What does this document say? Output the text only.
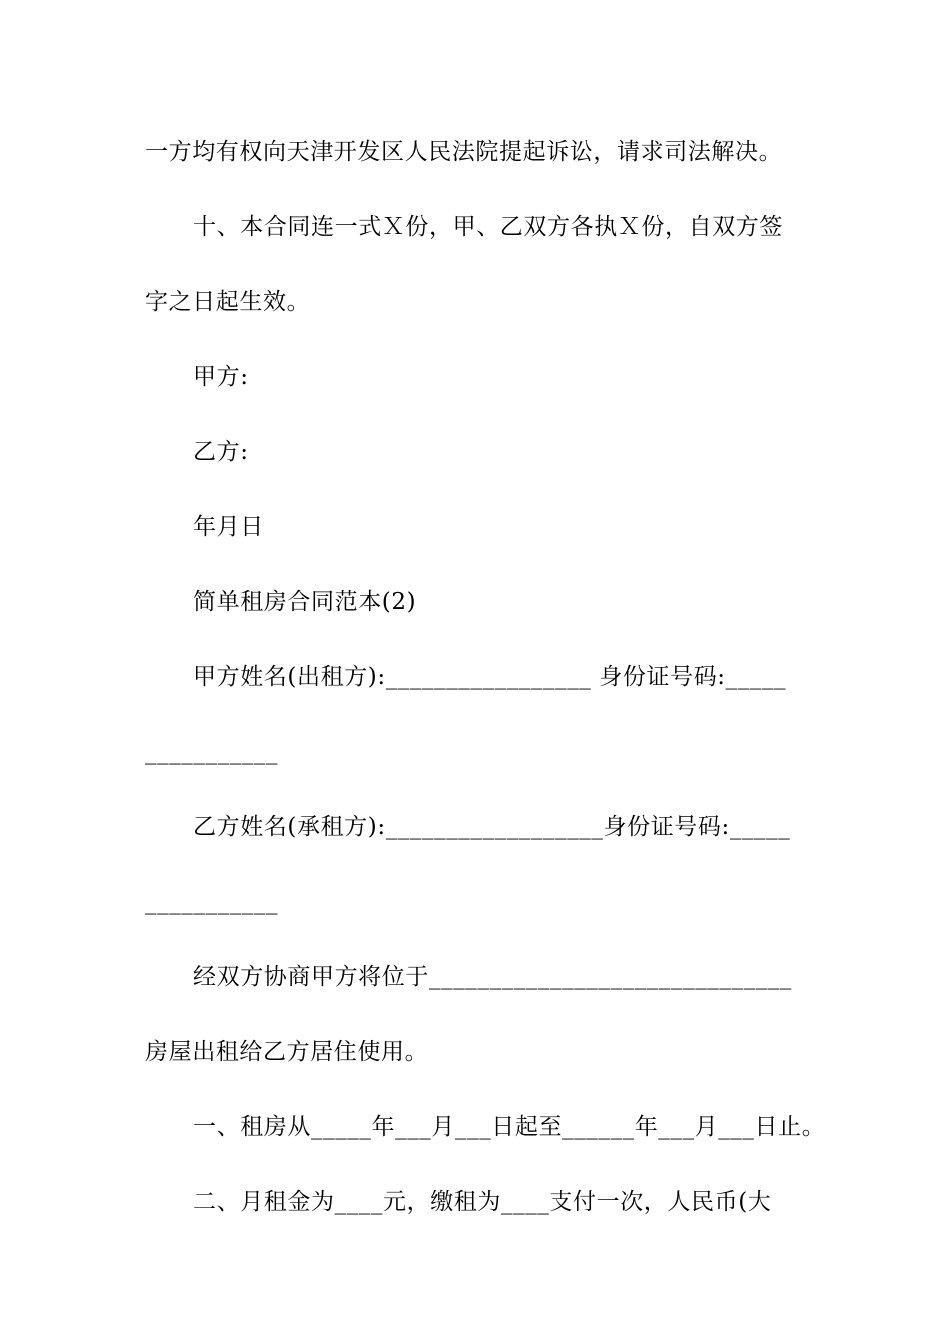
一方均有权向天津开发区人民法院提起诉讼，请求司法解决。
十、本合同连一式Ｘ份，甲、乙双方各执Ｘ份，自双方签
字之日起生效。
甲方:
乙方:
年月日
简单租房合同范本(2)
甲方姓名(出租方):_________________ 身份证号码:_____
___________
乙方姓名(承租方):__________________身份证号码:_____
___________
经双方协商甲方将位于______________________________
房屋出租给乙方居住使用。
一、租房从_____年___月___日起至______年___月___日止。
二、月租金为____元，缴租为____支付一次，人民币(大
